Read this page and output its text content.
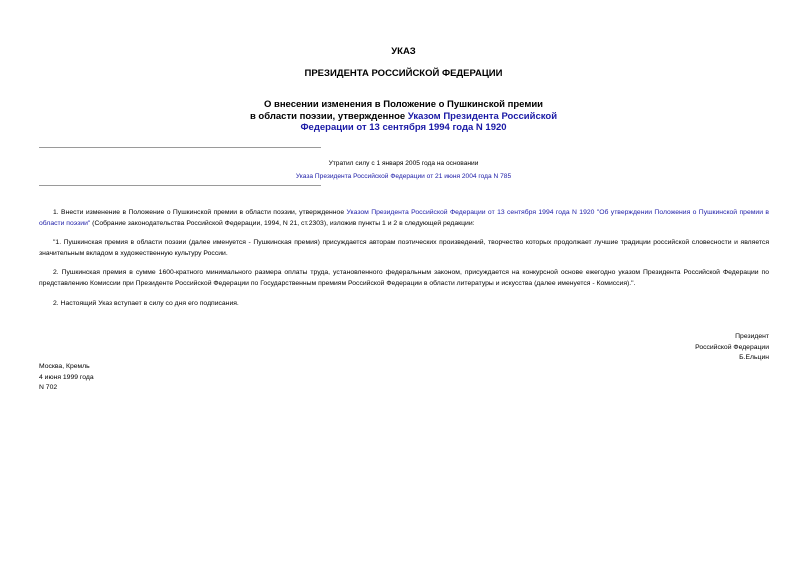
УКАЗ
ПРЕЗИДЕНТА РОССИЙСКОЙ ФЕДЕРАЦИИ
О внесении изменения в Положение о Пушкинской премии
в области поэзии, утвержденное Указом Президента Российской
Федерации от 13 сентября 1994 года N 1920
Утратил силу с 1 января 2005 года на основании
Указа Президента Российской Федерации от 21 июня 2004 года N 785

1. Внести изменение в Положение о Пушкинской премии в области поэзии, утвержденное Указом Президента Российской Федерации от 13 сентября 1994 года N 1920 "Об утверждении Положения о Пушкинской премии в области поэзии" (Собрание законодательства Российской Федерации, 1994, N 21, ст.2303), изложив пункты 1 и 2 в следующей редакции:

"1. Пушкинская премия в области поэзии (далее именуется - Пушкинская премия) присуждается авторам поэтических произведений, творчество которых продолжает лучшие традиции российской словесности и является значительным вкладом в художественную культуру России.

2. Пушкинская премия в сумме 1600-кратного минимального размера оплаты труда, установленного федеральным законом, присуждается на конкурсной основе ежегодно указом Президента Российской Федерации по представлению Комиссии при Президенте Российской Федерации по Государственным премиям Российской Федерации в области литературы и искусства (далее именуется - Комиссия).".

2. Настоящий Указ вступает в силу со дня его подписания.

Президент
Российской Федерации
Б.Ельцин
Москва, Кремль
4 июня 1999 года
N 702
